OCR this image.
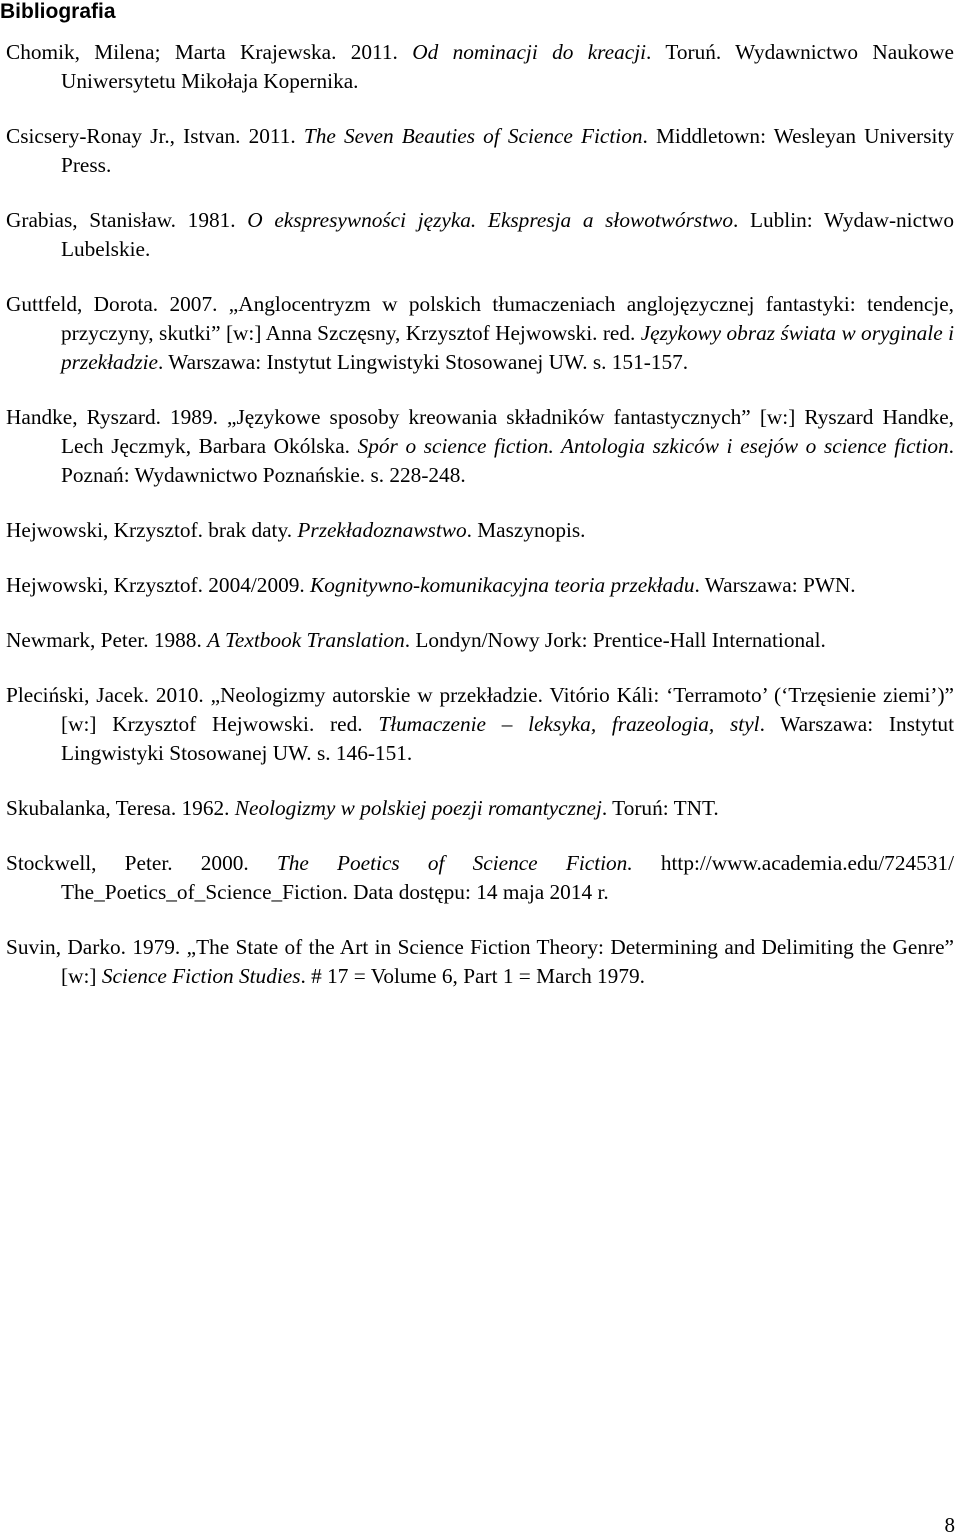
Bibliografia
Chomik, Milena; Marta Krajewska. 2011. Od nominacji do kreacji. Toruń. Wydawnictwo Naukowe Uniwersytetu Mikołaja Kopernika.
Csicsery-Ronay Jr., Istvan. 2011. The Seven Beauties of Science Fiction. Middletown: Wesleyan University Press.
Grabias, Stanisław. 1981. O ekspresywności języka. Ekspresja a słowotwórstwo. Lublin: Wydaw-nictwo Lubelskie.
Guttfeld, Dorota. 2007. „Anglocentryzm w polskich tłumaczeniach anglojęzycznej fantastyki: tendencje, przyczyny, skutki” [w:] Anna Szczęsny, Krzysztof Hejwowski. red. Językowy obraz świata w oryginale i przekładzie. Warszawa: Instytut Lingwistyki Stosowanej UW. s. 151-157.
Handke, Ryszard. 1989. „Językowe sposoby kreowania składników fantastycznych” [w:] Ryszard Handke, Lech Jęczmyk, Barbara Okólska. Spór o science fiction. Antologia szkiców i esejów o science fiction. Poznań: Wydawnictwo Poznańskie. s. 228-248.
Hejwowski, Krzysztof. brak daty. Przekładoznawstwo. Maszynopis.
Hejwowski, Krzysztof. 2004/2009. Kognitywno-komunikacyjna teoria przekładu. Warszawa: PWN.
Newmark, Peter. 1988. A Textbook Translation. Londyn/Nowy Jork: Prentice-Hall International.
Pleciński, Jacek. 2010. „Neologizmy autorskie w przekładzie. Vitório Káli: ‘Terramoto’ (‘Trzęsienie ziemi’)” [w:] Krzysztof Hejwowski. red. Tłumaczenie – leksyka, frazeologia, styl. Warszawa: Instytut Lingwistyki Stosowanej UW. s. 146-151.
Skubalanka, Teresa. 1962. Neologizmy w polskiej poezji romantycznej. Toruń: TNT.
Stockwell, Peter. 2000. The Poetics of Science Fiction. http://www.academia.edu/724531/ The_Poetics_of_Science_Fiction. Data dostępu: 14 maja 2014 r.
Suvin, Darko. 1979. „The State of the Art in Science Fiction Theory: Determining and Delimiting the Genre” [w:] Science Fiction Studies. # 17 = Volume 6, Part 1 = March 1979.
8
